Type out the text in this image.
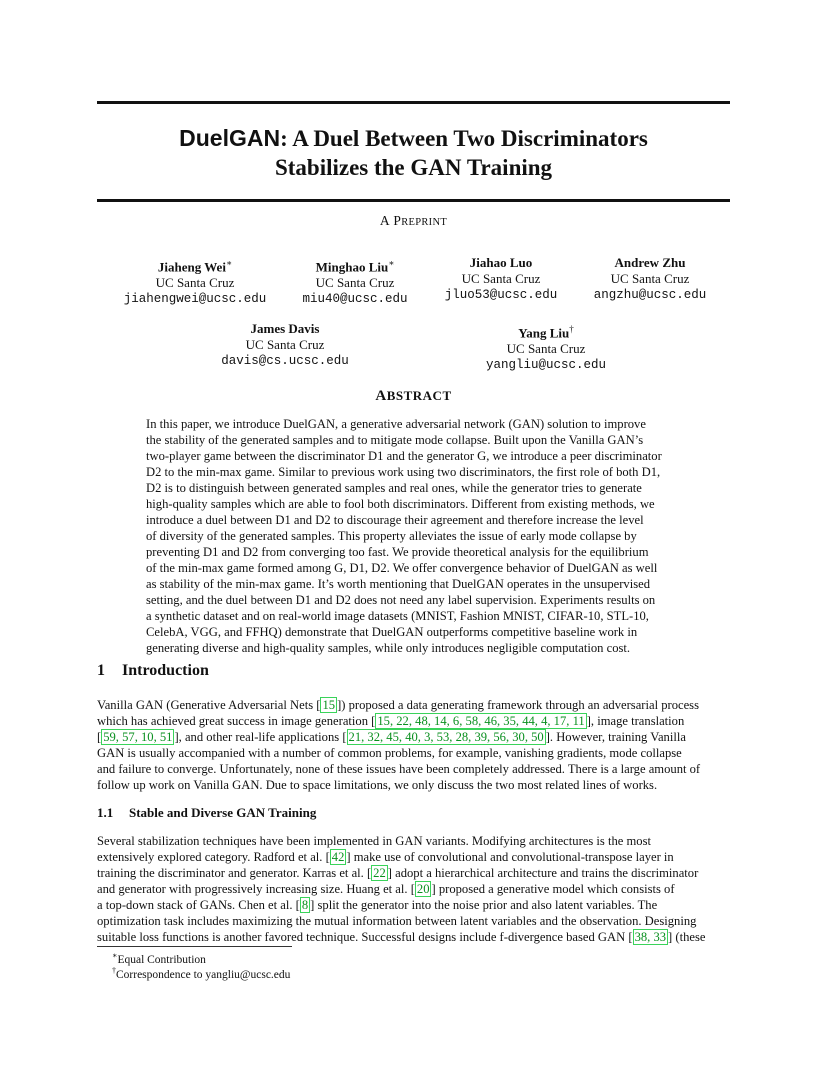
DuelGAN: A Duel Between Two Discriminators
Stabilizes the GAN Training
A PREPRINT
Jiaheng Wei∗
UC Santa Cruz
jiahengwei@ucsc.edu
Minghao Liu∗
UC Santa Cruz
miu40@ucsc.edu
Jiahao Luo
UC Santa Cruz
jluo53@ucsc.edu
Andrew Zhu
UC Santa Cruz
angzhu@ucsc.edu
James Davis
UC Santa Cruz
davis@cs.ucsc.edu
Yang Liu†
UC Santa Cruz
yangliu@ucsc.edu
ABSTRACT
In this paper, we introduce DuelGAN, a generative adversarial network (GAN) solution to improve
the stability of the generated samples and to mitigate mode collapse. Built upon the Vanilla GAN’s
two-player game between the discriminator D1 and the generator G, we introduce a peer discriminator
D2 to the min-max game. Similar to previous work using two discriminators, the first role of both D1,
D2 is to distinguish between generated samples and real ones, while the generator tries to generate
high-quality samples which are able to fool both discriminators. Different from existing methods, we
introduce a duel between D1 and D2 to discourage their agreement and therefore increase the level
of diversity of the generated samples. This property alleviates the issue of early mode collapse by
preventing D1 and D2 from converging too fast. We provide theoretical analysis for the equilibrium
of the min-max game formed among G, D1, D2. We offer convergence behavior of DuelGAN as well
as stability of the min-max game. It’s worth mentioning that DuelGAN operates in the unsupervised
setting, and the duel between D1 and D2 does not need any label supervision. Experiments results on
a synthetic dataset and on real-world image datasets (MNIST, Fashion MNIST, CIFAR-10, STL-10,
CelebA, VGG, and FFHQ) demonstrate that DuelGAN outperforms competitive baseline work in
generating diverse and high-quality samples, while only introduces negligible computation cost.
1 Introduction
Vanilla GAN (Generative Adversarial Nets [ 15 ]) proposed a data generating framework through an adversarial process
which has achieved great success in image generation [ 15, 22, 48, 14, 6, 58, 46, 35, 44, 4, 17, 11 ], image translation
[ 59, 57, 10, 51 ], and other real-life applications [ 21, 32, 45, 40, 3, 53, 28, 39, 56, 30, 50 ]. However, training Vanilla
GAN is usually accompanied with a number of common problems, for example, vanishing gradients, mode collapse
and failure to converge. Unfortunately, none of these issues have been completely addressed. There is a large amount of
follow up work on Vanilla GAN. Due to space limitations, we only discuss the two most related lines of works.
1.1 Stable and Diverse GAN Training
Several stabilization techniques have been implemented in GAN variants. Modifying architectures is the most
extensively explored category. Radford et al. [ 42 ] make use of convolutional and convolutional-transpose layer in
training the discriminator and generator. Karras et al. [ 22 ] adopt a hierarchical architecture and trains the discriminator
and generator with progressively increasing size. Huang et al. [ 20 ] proposed a generative model which consists of
a top-down stack of GANs. Chen et al. [ 8 ] split the generator into the noise prior and also latent variables. The
optimization task includes maximizing the mutual information between latent variables and the observation. Designing
suitable loss functions is another favored technique. Successful designs include f-divergence based GAN [ 38, 33 ] (these
∗Equal Contribution
†Correspondence to yangliu@ucsc.edu
